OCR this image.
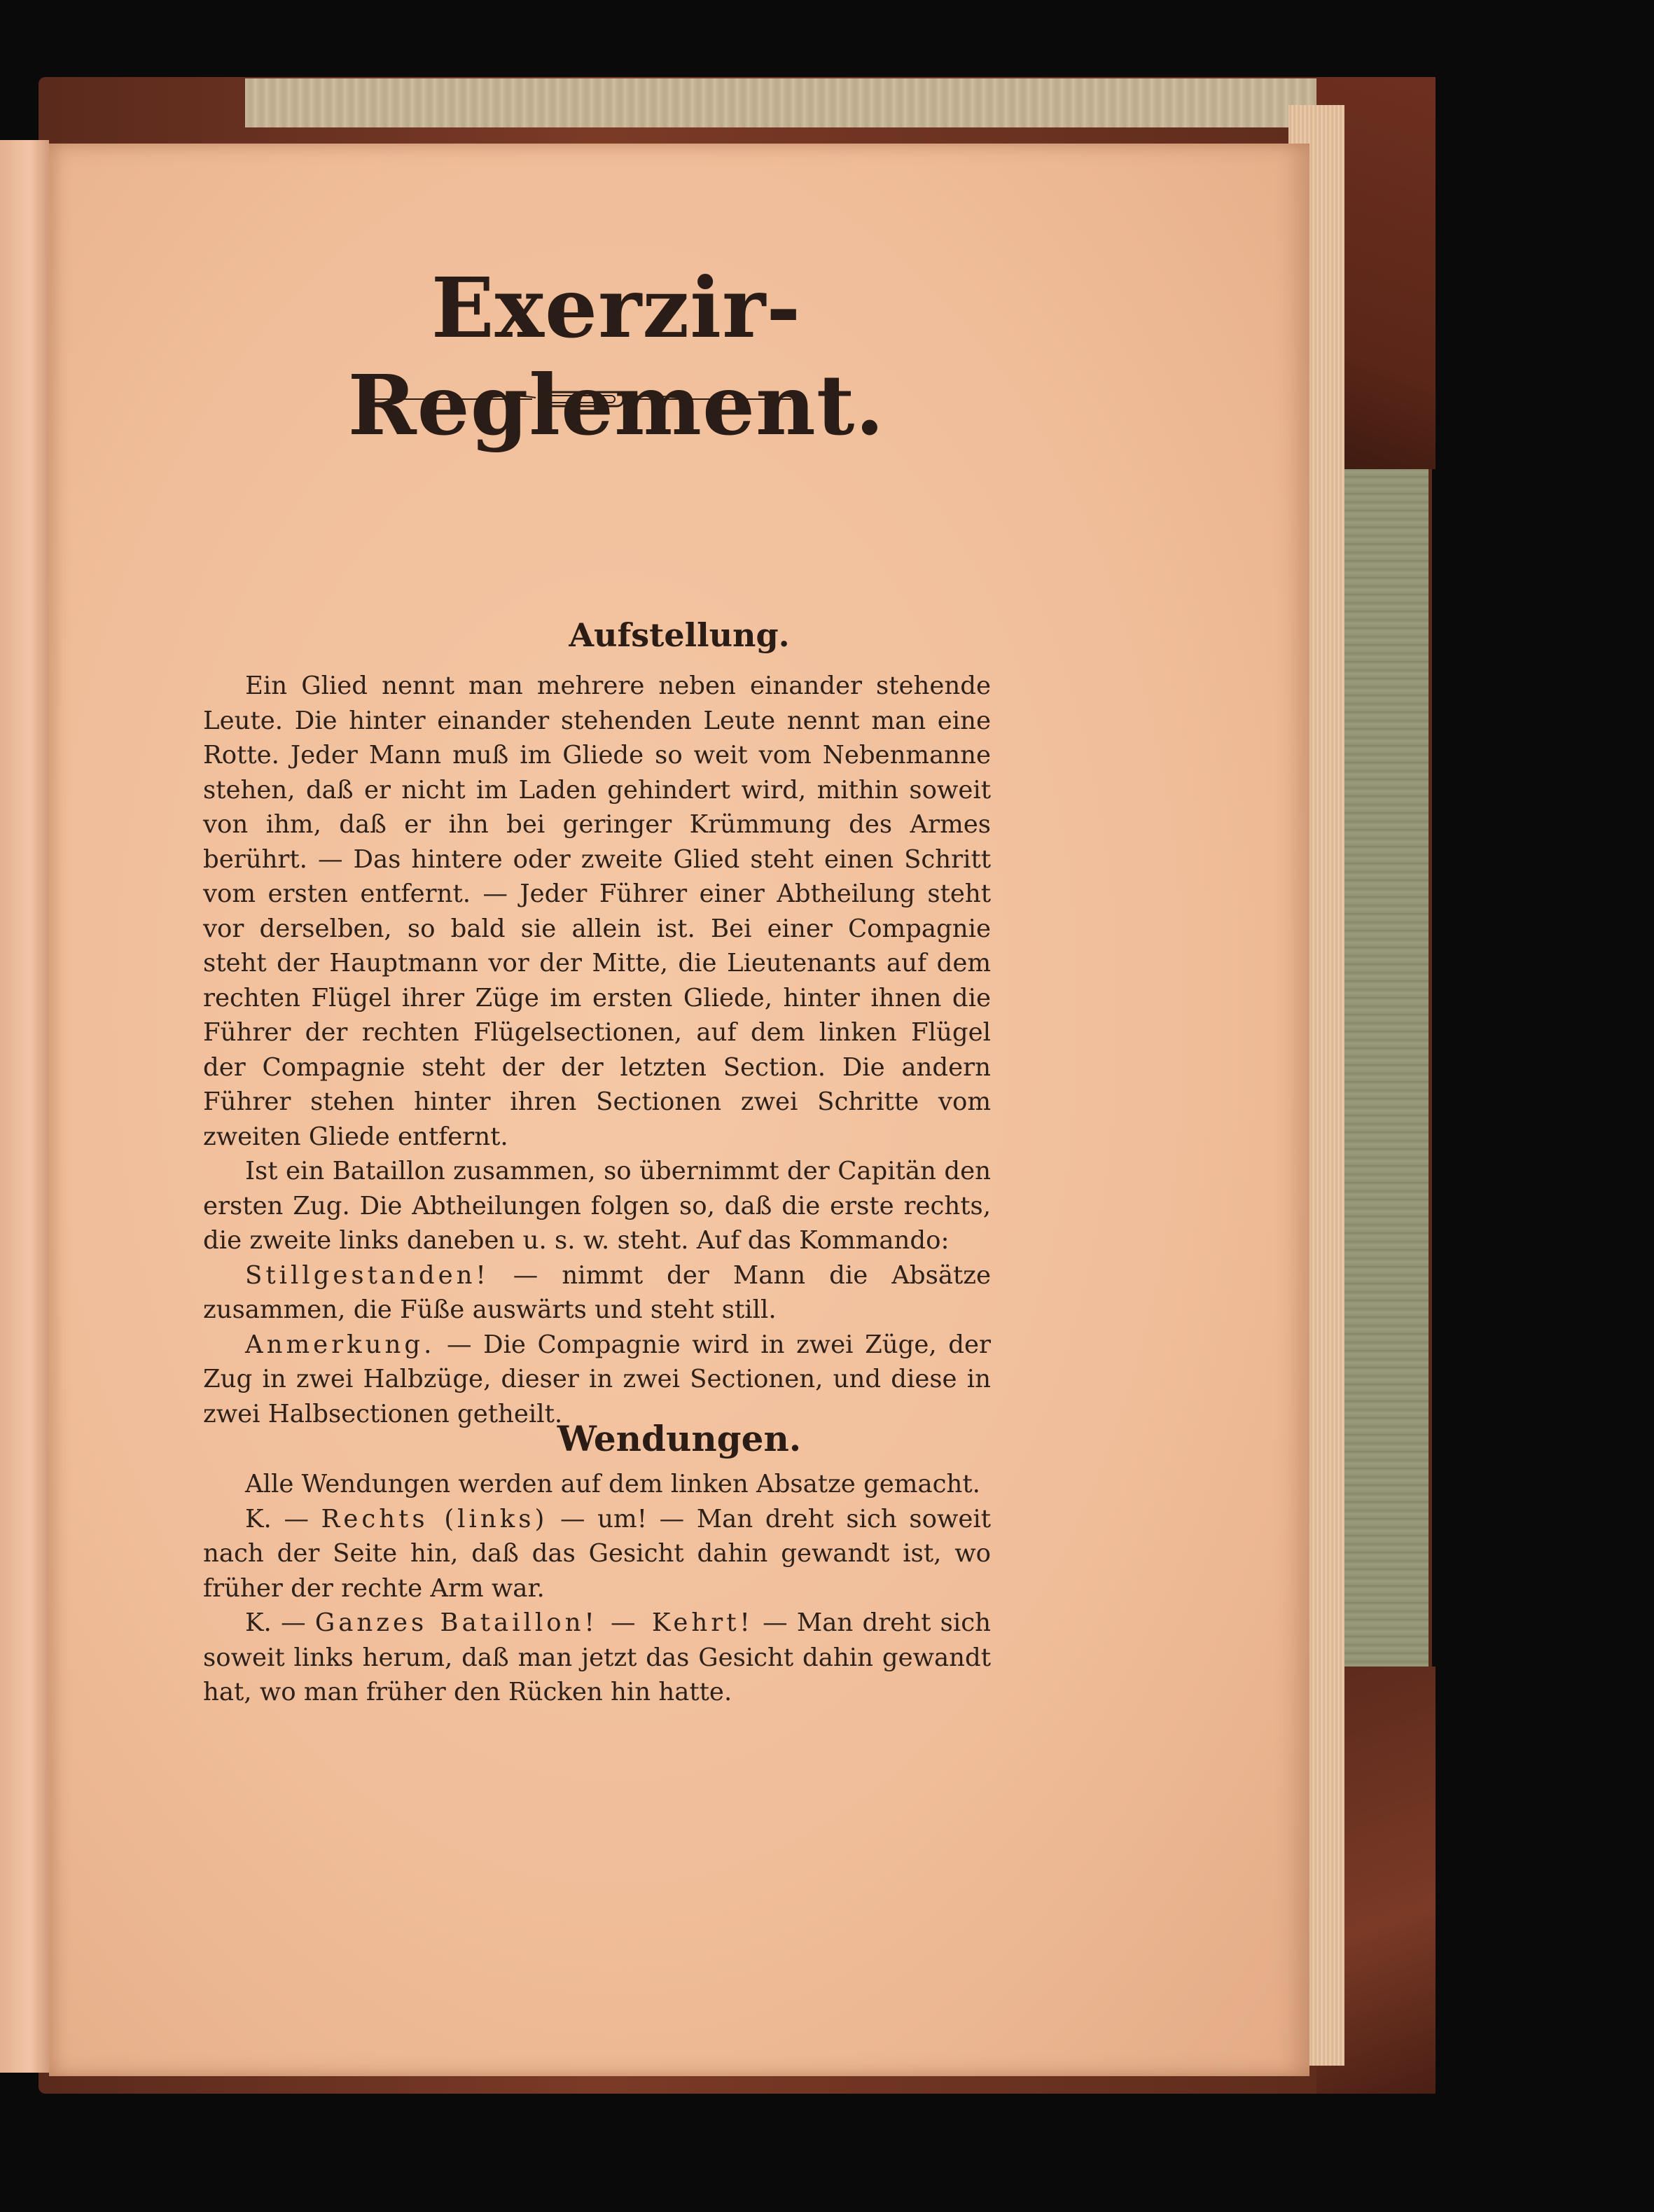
Exerzir-Reglement.
Aufstellung.

Ein Glied nennt man mehrere neben einander stehende Leute. Die hinter einander stehenden Leute nennt man eine Rotte. Jeder Mann muß im Gliede so weit vom Nebenmanne stehen, daß er nicht im Laden gehindert wird, mithin soweit von ihm, daß er ihn bei geringer Krümmung des Armes berührt. — Das hintere oder zweite Glied steht einen Schritt vom ersten entfernt. — Jeder Führer einer Abtheilung steht vor derselben, so bald sie allein ist. Bei einer Compagnie steht der Hauptmann vor der Mitte, die Lieutenants auf dem rechten Flügel ihrer Züge im ersten Gliede, hinter ihnen die Führer der rechten Flügelsectionen, auf dem linken Flügel der Compagnie steht der der letzten Section. Die andern Führer stehen hinter ihren Sectionen zwei Schritte vom zweiten Gliede entfernt.

Ist ein Bataillon zusammen, so übernimmt der Capitän den ersten Zug. Die Abtheilungen folgen so, daß die erste rechts, die zweite links daneben u. s. w. steht. Auf das Kommando:

Stillgestanden! — nimmt der Mann die Absätze zusammen, die Füße auswärts und steht still.

Anmerkung. — Die Compagnie wird in zwei Züge, der Zug in zwei Halbzüge, dieser in zwei Sectionen, und diese in zwei Halbsectionen getheilt.

Wendungen.

Alle Wendungen werden auf dem linken Absatze gemacht.

K. — Rechts (links) — um! — Man dreht sich soweit nach der Seite hin, daß das Gesicht dahin gewandt ist, wo früher der rechte Arm war.

K. — Ganzes Bataillon! — Kehrt! — Man dreht sich soweit links herum, daß man jetzt das Gesicht dahin gewandt hat, wo man früher den Rücken hin hatte.
